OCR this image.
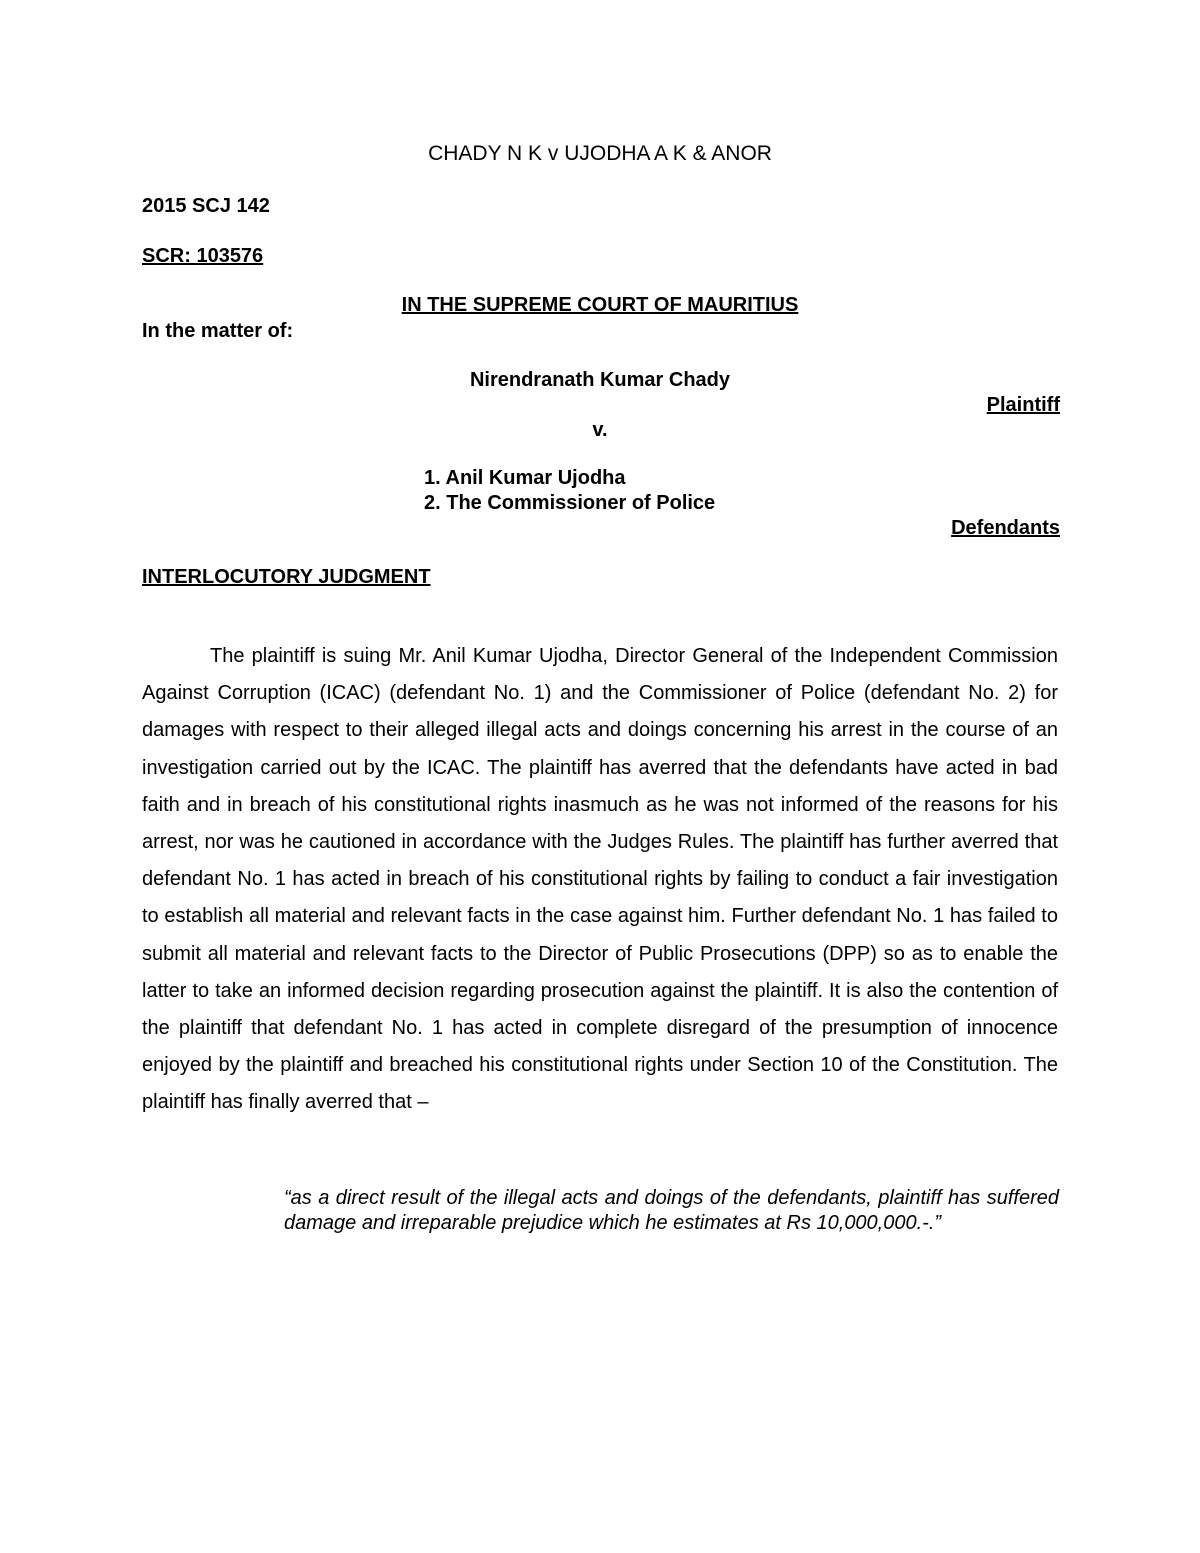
CHADY N K v UJODHA A K & ANOR
2015 SCJ 142
SCR: 103576
IN THE SUPREME COURT OF MAURITIUS
In the matter of:
Nirendranath Kumar Chady
Plaintiff
v.
1. Anil Kumar Ujodha
2. The Commissioner of Police
Defendants
INTERLOCUTORY JUDGMENT
The plaintiff is suing Mr. Anil Kumar Ujodha, Director General of the Independent Commission Against Corruption (ICAC) (defendant No. 1) and the Commissioner of Police (defendant No. 2) for damages with respect to their alleged illegal acts and doings concerning his arrest in the course of an investigation carried out by the ICAC. The plaintiff has averred that the defendants have acted in bad faith and in breach of his constitutional rights inasmuch as he was not informed of the reasons for his arrest, nor was he cautioned in accordance with the Judges Rules. The plaintiff has further averred that defendant No. 1 has acted in breach of his constitutional rights by failing to conduct a fair investigation to establish all material and relevant facts in the case against him. Further defendant No. 1 has failed to submit all material and relevant facts to the Director of Public Prosecutions (DPP) so as to enable the latter to take an informed decision regarding prosecution against the plaintiff. It is also the contention of the plaintiff that defendant No. 1 has acted in complete disregard of the presumption of innocence enjoyed by the plaintiff and breached his constitutional rights under Section 10 of the Constitution. The plaintiff has finally averred that –
“as a direct result of the illegal acts and doings of the defendants, plaintiff has suffered damage and irreparable prejudice which he estimates at Rs 10,000,000.-.”
